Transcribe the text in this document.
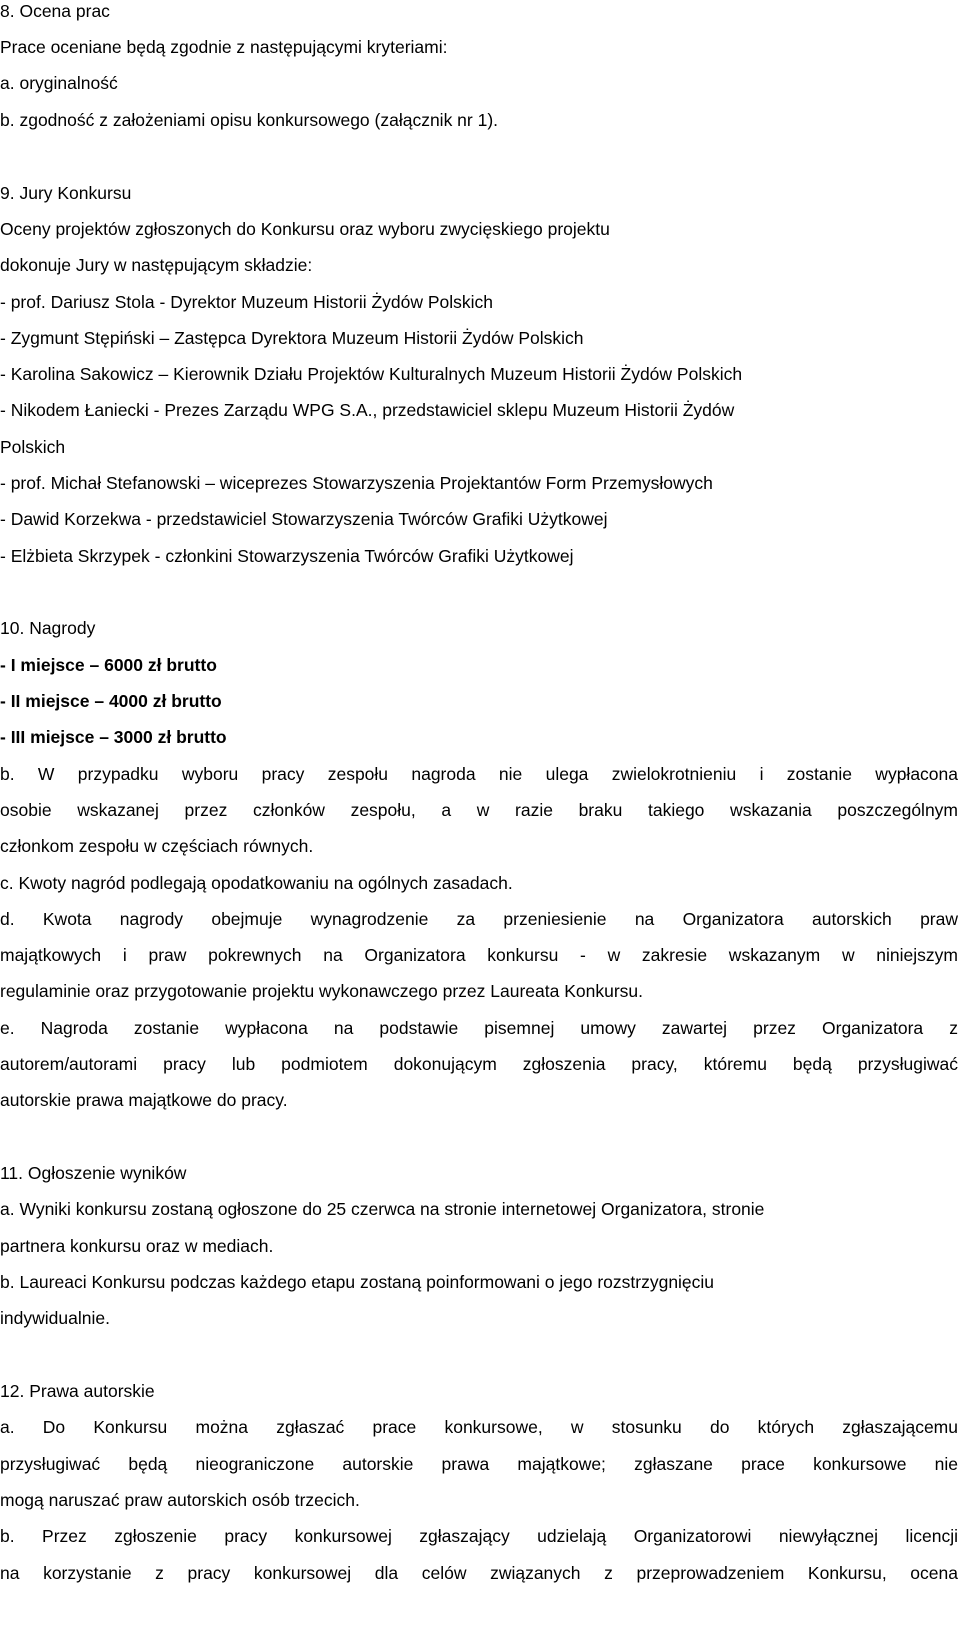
8. Ocena prac

Prace oceniane będą zgodnie z następującymi kryteriami:

a. oryginalność

b. zgodność z założeniami opisu konkursowego (załącznik nr 1).

9. Jury Konkursu

Oceny projektów zgłoszonych do Konkursu oraz wyboru zwycięskiego projektu

dokonuje Jury w następującym składzie:

- prof. Dariusz Stola - Dyrektor Muzeum Historii Żydów Polskich

- Zygmunt Stępiński – Zastępca Dyrektora Muzeum Historii Żydów Polskich

- Karolina Sakowicz – Kierownik Działu Projektów Kulturalnych Muzeum Historii Żydów Polskich

- Nikodem Łaniecki - Prezes Zarządu WPG S.A., przedstawiciel sklepu Muzeum Historii Żydów

Polskich

- prof. Michał Stefanowski – wiceprezes Stowarzyszenia Projektantów Form Przemysłowych

- Dawid Korzekwa - przedstawiciel Stowarzyszenia Twórców Grafiki Użytkowej

- Elżbieta Skrzypek - członkini Stowarzyszenia Twórców Grafiki Użytkowej

10. Nagrody

- I miejsce – 6000 zł brutto

- II miejsce – 4000 zł brutto

- III miejsce – 3000 zł brutto

b. W przypadku wyboru pracy zespołu nagroda nie ulega zwielokrotnieniu i zostanie wypłacona

osobie wskazanej przez członków zespołu, a w razie braku takiego wskazania poszczególnym

członkom zespołu w częściach równych.

c. Kwoty nagród podlegają opodatkowaniu na ogólnych zasadach.

d. Kwota nagrody obejmuje wynagrodzenie za przeniesienie na Organizatora autorskich praw

majątkowych i praw pokrewnych na Organizatora konkursu - w zakresie wskazanym w niniejszym

regulaminie oraz przygotowanie projektu wykonawczego przez Laureata Konkursu.

e. Nagroda zostanie wypłacona na podstawie pisemnej umowy zawartej przez Organizatora z

autorem/autorami pracy lub podmiotem dokonującym zgłoszenia pracy, któremu będą przysługiwać

autorskie prawa majątkowe do pracy.

11. Ogłoszenie wyników

a. Wyniki konkursu zostaną ogłoszone do 25 czerwca na stronie internetowej Organizatora, stronie

partnera konkursu oraz w mediach.

b. Laureaci Konkursu podczas każdego etapu zostaną poinformowani o jego rozstrzygnięciu

indywidualnie.

12. Prawa autorskie

a. Do Konkursu można zgłaszać prace konkursowe, w stosunku do których zgłaszającemu

przysługiwać będą nieograniczone autorskie prawa majątkowe; zgłaszane prace konkursowe nie

mogą naruszać praw autorskich osób trzecich.

b. Przez zgłoszenie pracy konkursowej zgłaszający udzielają Organizatorowi niewyłącznej licencji

na korzystanie z pracy konkursowej dla celów związanych z przeprowadzeniem Konkursu, ocena
